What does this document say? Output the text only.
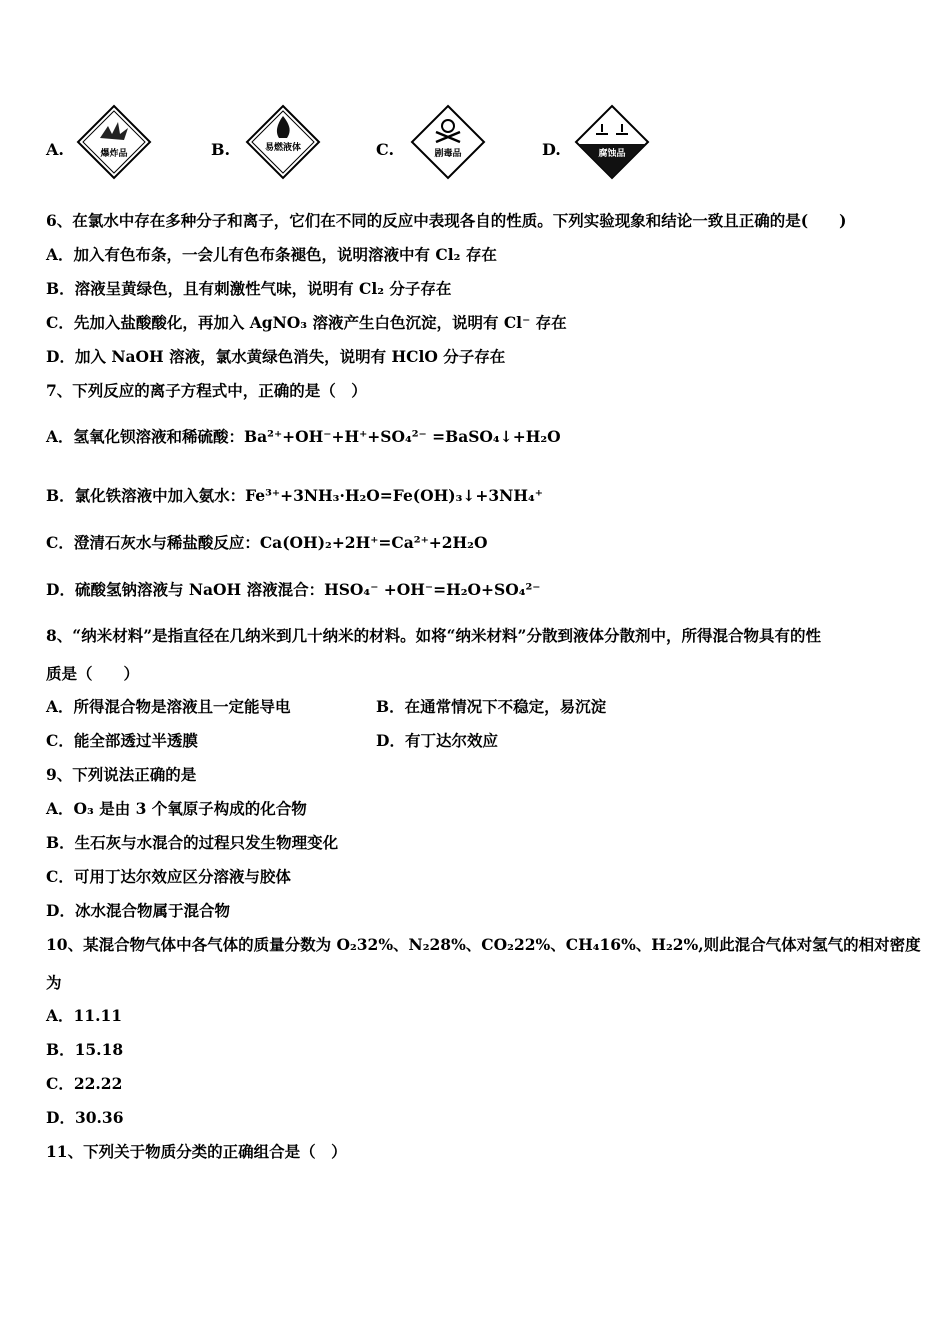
A.	爆炸品	B.	易燃液体	C.	剧毒品	D.	腐蚀品
6、在氯水中存在多种分子和离子，它们在不同的反应中表现各自的性质。下列实验现象和结论一致且正确的是(　　)
A．加入有色布条，一会儿有色布条褪色，说明溶液中有 Cl₂ 存在
B．溶液呈黄绿色，且有刺激性气味，说明有 Cl₂ 分子存在
C．先加入盐酸酸化，再加入 AgNO₃ 溶液产生白色沉淀，说明有 Cl⁻ 存在
D．加入 NaOH 溶液，氯水黄绿色消失，说明有 HClO 分子存在
7、下列反应的离子方程式中，正确的是（　）
A．氢氧化钡溶液和稀硫酸：Ba²⁺+OH⁻+H⁺+SO₄²⁻ =BaSO₄↓+H₂O
B．氯化铁溶液中加入氨水：Fe³⁺+3NH₃·H₂O=Fe(OH)₃↓+3NH₄⁺
C．澄清石灰水与稀盐酸反应：Ca(OH)₂+2H⁺=Ca²⁺+2H₂O
D．硫酸氢钠溶液与 NaOH 溶液混合：HSO₄⁻ +OH⁻=H₂O+SO₄²⁻
8、“纳米材料”是指直径在几纳米到几十纳米的材料。如将“纳米材料”分散到液体分散剂中，所得混合物具有的性
质是（　　）
A．所得混合物是溶液且一定能导电	B．在通常情况下不稳定，易沉淀
C．能全部透过半透膜	D．有丁达尔效应
9、下列说法正确的是
A．O₃ 是由 3 个氧原子构成的化合物
B．生石灰与水混合的过程只发生物理变化
C．可用丁达尔效应区分溶液与胶体
D．冰水混合物属于混合物
10、某混合物气体中各气体的质量分数为 O₂32%、N₂28%、CO₂22%、CH₄16%、H₂2%,则此混合气体对氢气的相对密度
为
A．11.11
B．15.18
C．22.22
D．30.36
11、下列关于物质分类的正确组合是（　）
